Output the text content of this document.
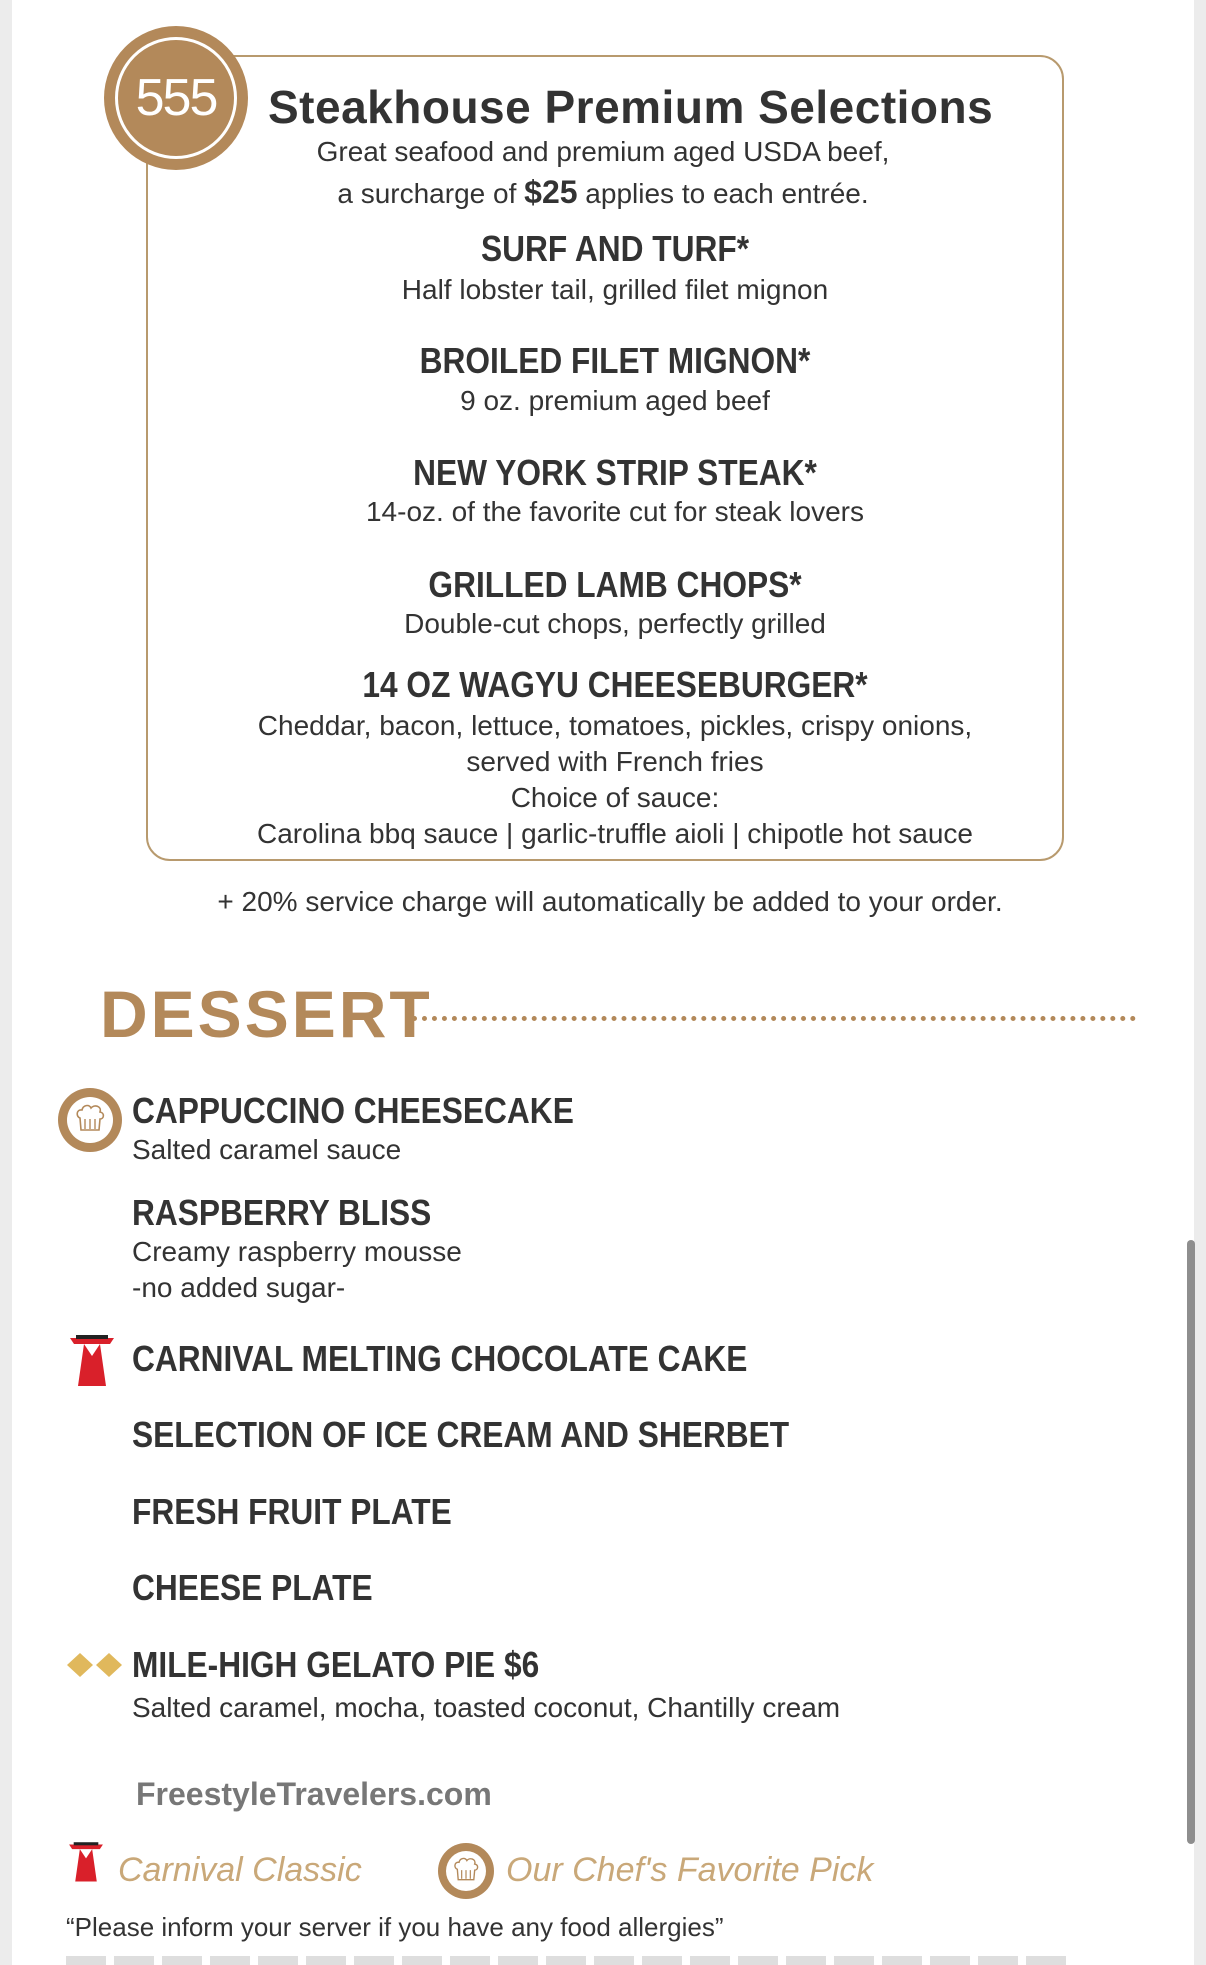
555 Steakhouse Premium Selections
Great seafood and premium aged USDA beef,
a surcharge of $25 applies to each entrée.
SURF AND TURF*
Half lobster tail, grilled filet mignon
BROILED FILET MIGNON*
9 oz. premium aged beef
NEW YORK STRIP STEAK*
14-oz. of the favorite cut for steak lovers
GRILLED LAMB CHOPS*
Double-cut chops, perfectly grilled
14 OZ WAGYU CHEESEBURGER*
Cheddar, bacon, lettuce, tomatoes, pickles, crispy onions,
served with French fries
Choice of sauce:
Carolina bbq sauce | garlic-truffle aioli | chipotle hot sauce
+ 20% service charge will automatically be added to your order.
DESSERT
CAPPUCCINO CHEESECAKE
Salted caramel sauce
RASPBERRY BLISS
Creamy raspberry mousse
-no added sugar-
CARNIVAL MELTING CHOCOLATE CAKE
SELECTION OF ICE CREAM AND SHERBET
FRESH FRUIT PLATE
CHEESE PLATE
MILE-HIGH GELATO PIE $6
Salted caramel, mocha, toasted coconut, Chantilly cream
FreestyleTravelers.com
Carnival Classic	Our Chef's Favorite Pick
“Please inform your server if you have any food allergies”
